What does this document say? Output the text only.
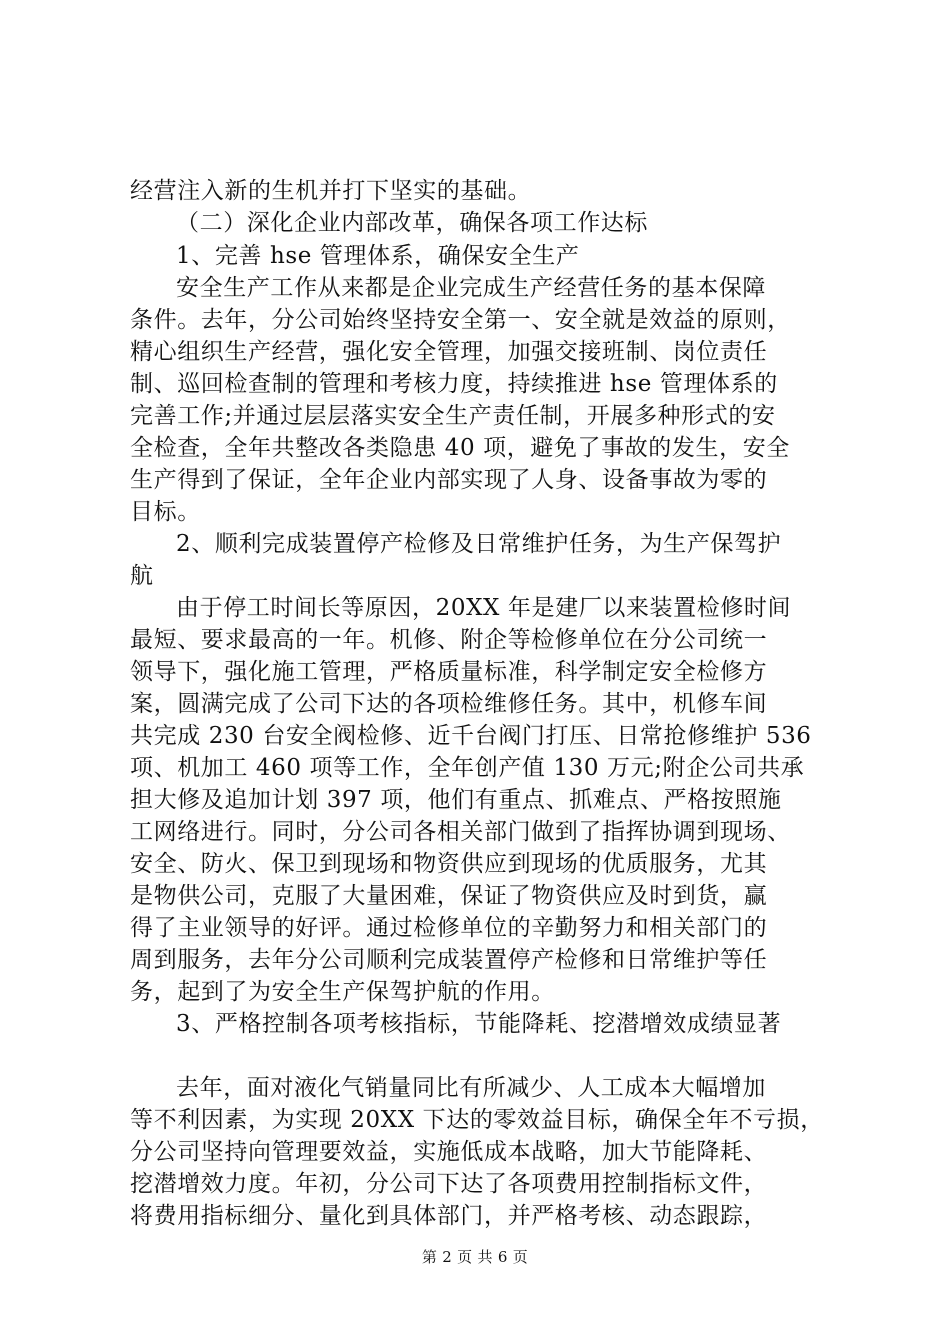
经营注入新的生机并打下坚实的基础。
（二）深化企业内部改革，确保各项工作达标
1、完善 hse 管理体系，确保安全生产
安全生产工作从来都是企业完成生产经营任务的基本保障
条件。去年，分公司始终坚持安全第一、安全就是效益的原则，
精心组织生产经营，强化安全管理，加强交接班制、岗位责任
制、巡回检查制的管理和考核力度，持续推进 hse 管理体系的
完善工作;并通过层层落实安全生产责任制，开展多种形式的安
全检查，全年共整改各类隐患 40 项，避免了事故的发生，安全
生产得到了保证，全年企业内部实现了人身、设备事故为零的
目标。
2、顺利完成装置停产检修及日常维护任务，为生产保驾护
航
由于停工时间长等原因，20XX 年是建厂以来装置检修时间
最短、要求最高的一年。机修、附企等检修单位在分公司统一
领导下，强化施工管理，严格质量标准，科学制定安全检修方
案，圆满完成了公司下达的各项检维修任务。其中，机修车间
共完成 230 台安全阀检修、近千台阀门打压、日常抢修维护 536
项、机加工 460 项等工作，全年创产值 130 万元;附企公司共承
担大修及追加计划 397 项，他们有重点、抓难点、严格按照施
工网络进行。同时，分公司各相关部门做到了指挥协调到现场、
安全、防火、保卫到现场和物资供应到现场的优质服务，尤其
是物供公司，克服了大量困难，保证了物资供应及时到货，赢
得了主业领导的好评。通过检修单位的辛勤努力和相关部门的
周到服务，去年分公司顺利完成装置停产检修和日常维护等任
务，起到了为安全生产保驾护航的作用。
3、严格控制各项考核指标，节能降耗、挖潜增效成绩显著
去年，面对液化气销量同比有所减少、人工成本大幅增加
等不利因素，为实现 20XX 下达的零效益目标，确保全年不亏损，
分公司坚持向管理要效益，实施低成本战略，加大节能降耗、
挖潜增效力度。年初，分公司下达了各项费用控制指标文件，
将费用指标细分、量化到具体部门，并严格考核、动态跟踪，
第 2 页 共 6 页
